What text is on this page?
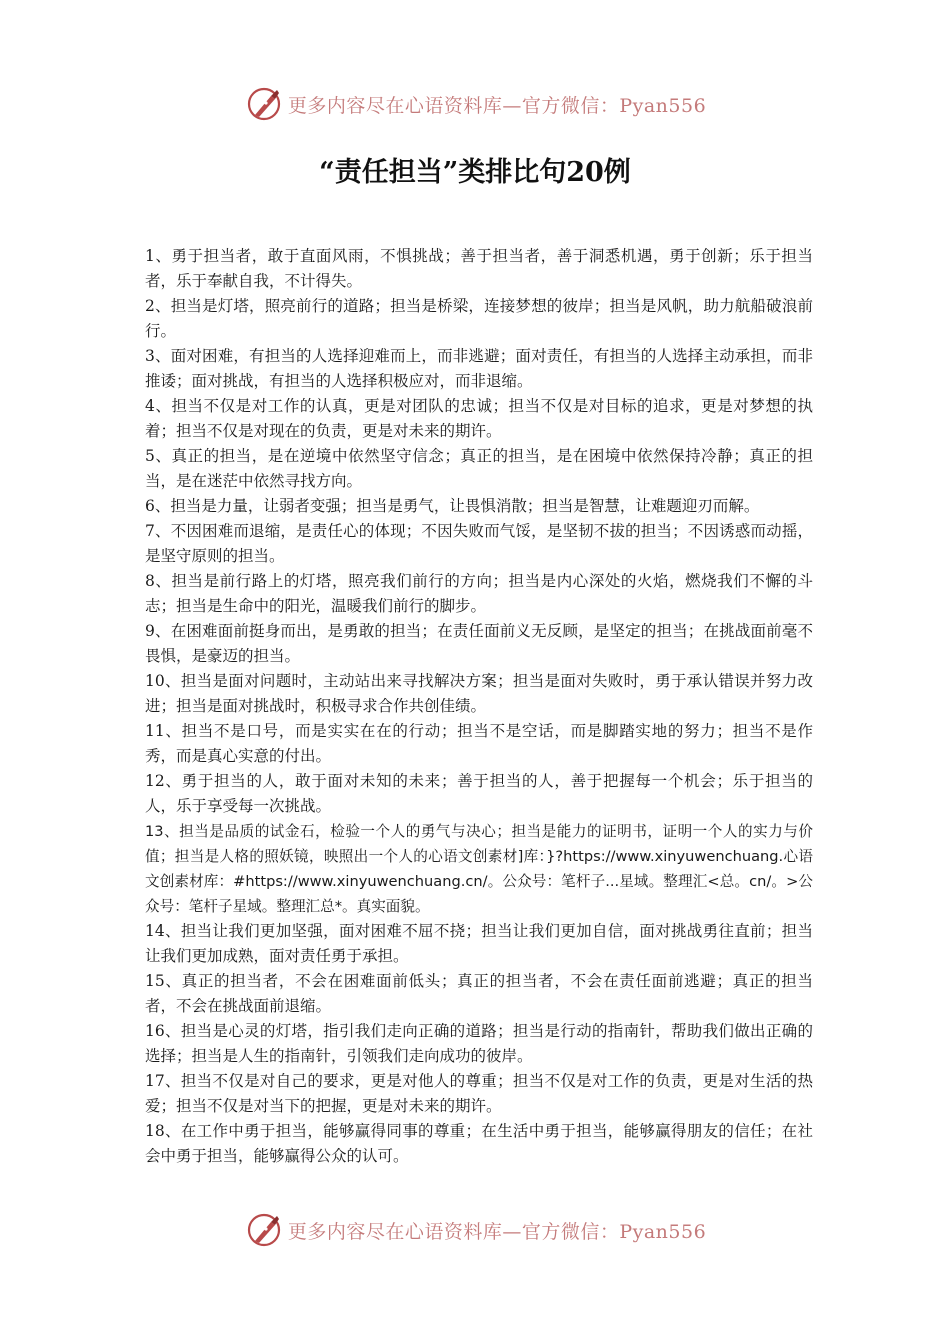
更多内容尽在心语资料库—官方微信：Pyan556
“责任担当”类排比句20例

1、勇于担当者，敢于直面风雨，不惧挑战；善于担当者，善于洞悉机遇，勇于创新；乐于担当者，乐于奉献自我，不计得失。

2、担当是灯塔，照亮前行的道路；担当是桥梁，连接梦想的彼岸；担当是风帆，助力航船破浪前行。

3、面对困难，有担当的人选择迎难而上，而非逃避；面对责任，有担当的人选择主动承担，而非推诿；面对挑战，有担当的人选择积极应对，而非退缩。

4、担当不仅是对工作的认真，更是对团队的忠诚；担当不仅是对目标的追求，更是对梦想的执着；担当不仅是对现在的负责，更是对未来的期许。

5、真正的担当，是在逆境中依然坚守信念；真正的担当，是在困境中依然保持冷静；真正的担当，是在迷茫中依然寻找方向。

6、担当是力量，让弱者变强；担当是勇气，让畏惧消散；担当是智慧，让难题迎刃而解。

7、不因困难而退缩，是责任心的体现；不因失败而气馁，是坚韧不拔的担当；不因诱惑而动摇，是坚守原则的担当。

8、担当是前行路上的灯塔，照亮我们前行的方向；担当是内心深处的火焰，燃烧我们不懈的斗志；担当是生命中的阳光，温暖我们前行的脚步。

9、在困难面前挺身而出，是勇敢的担当；在责任面前义无反顾，是坚定的担当；在挑战面前毫不畏惧，是豪迈的担当。

10、担当是面对问题时，主动站出来寻找解决方案；担当是面对失败时，勇于承认错误并努力改进；担当是面对挑战时，积极寻求合作共创佳绩。

11、担当不是口号，而是实实在在的行动；担当不是空话，而是脚踏实地的努力；担当不是作秀，而是真心实意的付出。

12、勇于担当的人，敢于面对未知的未来；善于担当的人，善于把握每一个机会；乐于担当的人，乐于享受每一次挑战。

13、担当是品质的试金石，检验一个人的勇气与决心；担当是能力的证明书，证明一个人的实力与价值；担当是人格的照妖镜，映照出一个人的心语文创素材]库：}?https://www.xinyuwenchuang.心语文创素材库：#https://www.xinyuwenchuang.cn/。公众号：笔杆子...星域。整理汇<总。cn/。>公众号：笔杆子星域。整理汇总*。真实面貌。

14、担当让我们更加坚强，面对困难不屈不挠；担当让我们更加自信，面对挑战勇往直前；担当让我们更加成熟，面对责任勇于承担。

15、真正的担当者，不会在困难面前低头；真正的担当者，不会在责任面前逃避；真正的担当者，不会在挑战面前退缩。

16、担当是心灵的灯塔，指引我们走向正确的道路；担当是行动的指南针，帮助我们做出正确的选择；担当是人生的指南针，引领我们走向成功的彼岸。

17、担当不仅是对自己的要求，更是对他人的尊重；担当不仅是对工作的负责，更是对生活的热爱；担当不仅是对当下的把握，更是对未来的期许。

18、在工作中勇于担当，能够赢得同事的尊重；在生活中勇于担当，能够赢得朋友的信任；在社会中勇于担当，能够赢得公众的认可。

更多内容尽在心语资料库—官方微信：Pyan556
